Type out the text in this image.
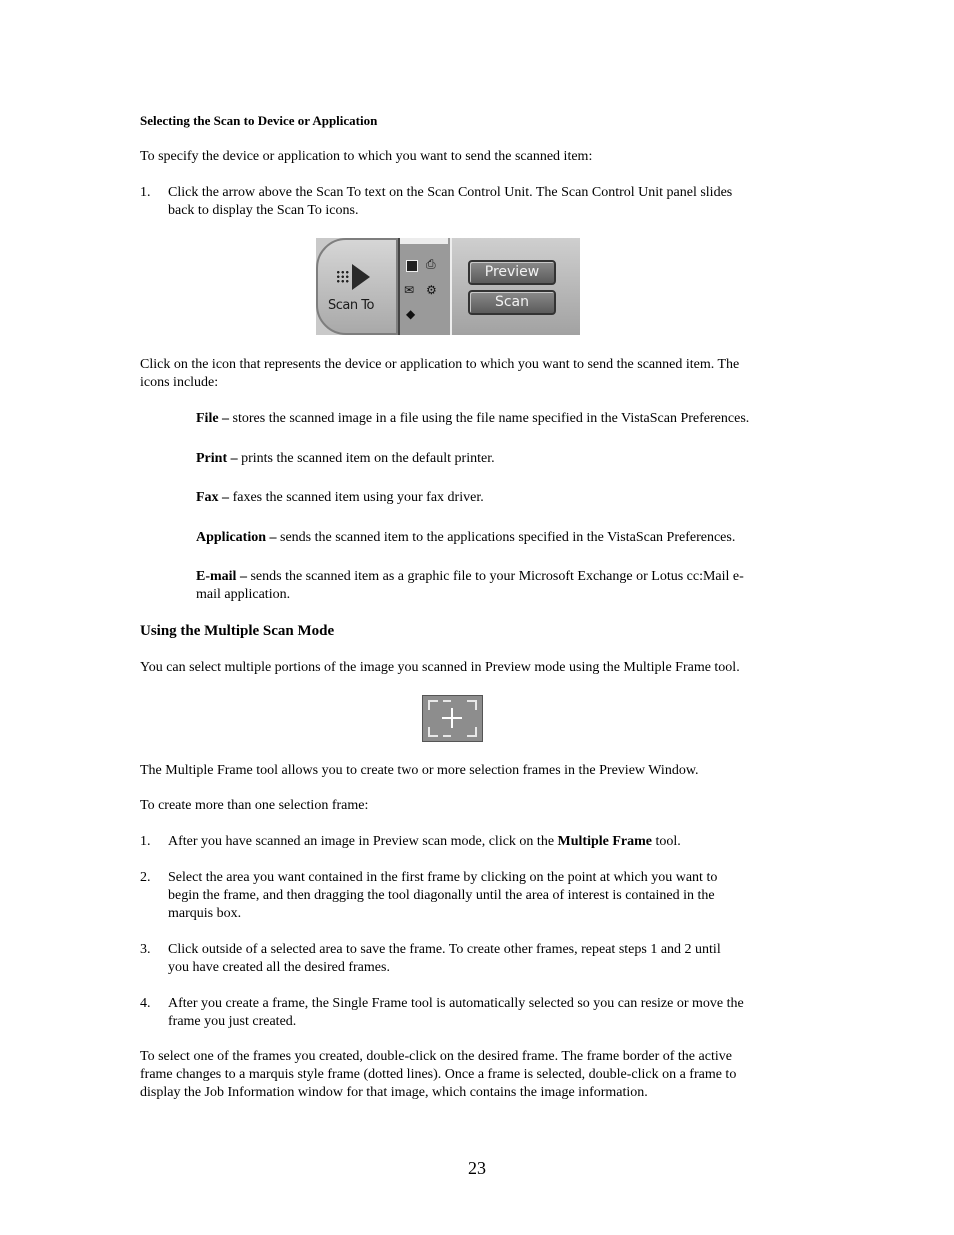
Selecting the Scan to Device or Application

To specify the device or application to which you want to send the scanned item:

1.	Click the arrow above the Scan To text on the Scan Control Unit. The Scan Control Unit panel slides
back to display the Scan To icons.
Scan To
⎙
✉ ⚙
◆
Preview
Scan

Click on the icon that represents the device or application to which you want to send the scanned item. The
icons include:

File – stores the scanned image in a file using the file name specified in the VistaScan Preferences.

Print – prints the scanned item on the default printer.

Fax – faxes the scanned item using your fax driver.

Application – sends the scanned item to the applications specified in the VistaScan Preferences.

E-mail – sends the scanned item as a graphic file to your Microsoft Exchange or Lotus cc:Mail e-
mail application.

Using the Multiple Scan Mode

You can select multiple portions of the image you scanned in Preview mode using the Multiple Frame tool.

The Multiple Frame tool allows you to create two or more selection frames in the Preview Window.

To create more than one selection frame:

1.	After you have scanned an image in Preview scan mode, click on the Multiple Frame tool.
2.	Select the area you want contained in the first frame by clicking on the point at which you want to
begin the frame, and then dragging the tool diagonally until the area of interest is contained in the
marquis box.
3.	Click outside of a selected area to save the frame. To create other frames, repeat steps 1 and 2 until
you have created all the desired frames.
4.	After you create a frame, the Single Frame tool is automatically selected so you can resize or move the
frame you just created.

To select one of the frames you created, double-click on the desired frame. The frame border of the active
frame changes to a marquis style frame (dotted lines). Once a frame is selected, double-click on a frame to
display the Job Information window for that image, which contains the image information.

23
